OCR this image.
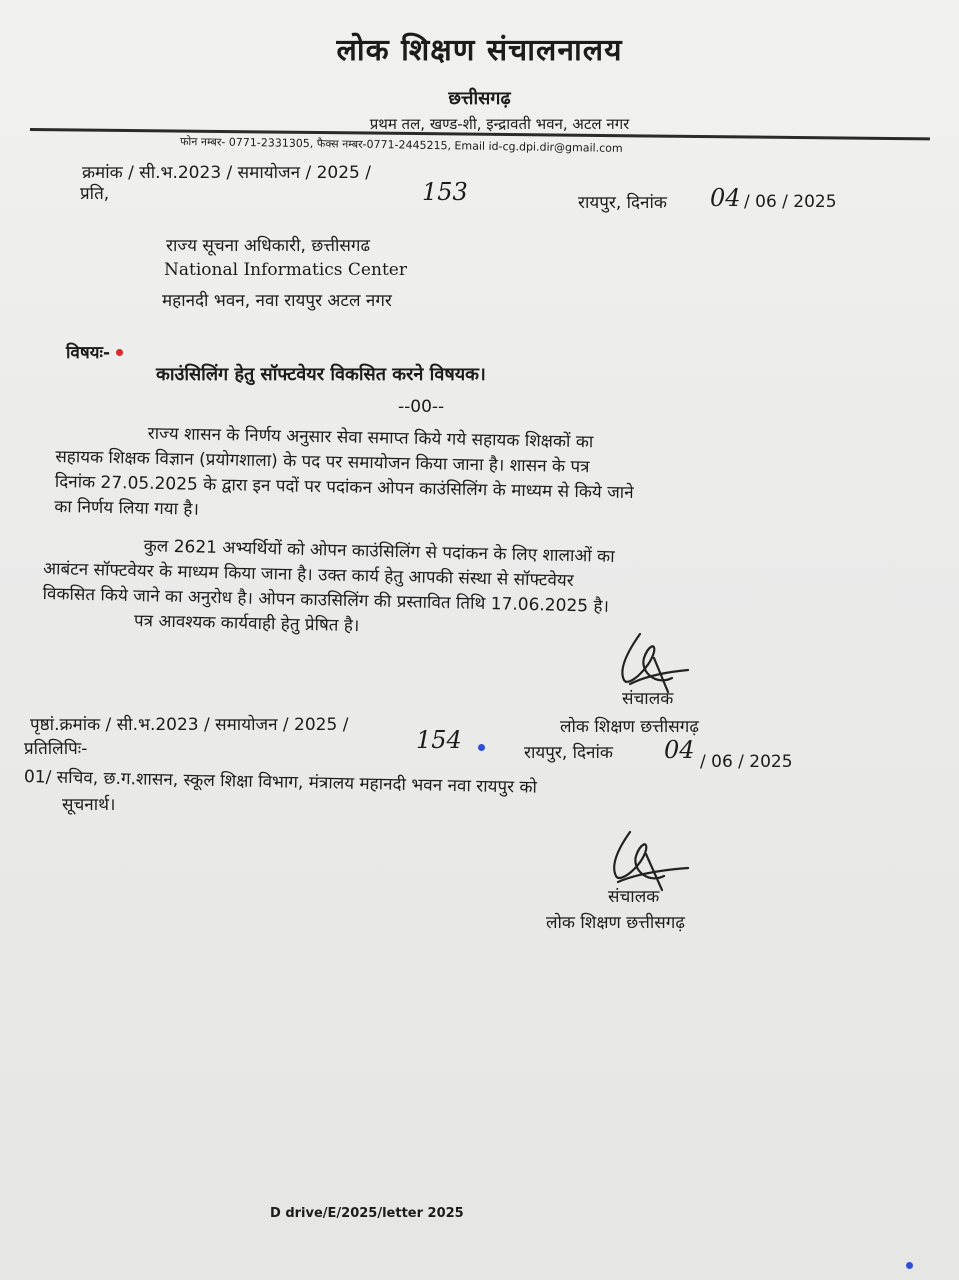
लोक शिक्षण संचालनालय
छत्तीसगढ़
प्रथम तल, खण्ड-शी, इन्द्रावती भवन, अटल नगर
फोन नम्बर- 0771-2331305, फैक्स नम्बर-0771-2445215, Email id-cg.dpi.dir@gmail.com
क्रमांक / सी.भ.2023 / समायोजन / 2025 /
153
प्रति,	रायपुर, दिनांक 04 / 06 / 2025
राज्य सूचना अधिकारी, छत्तीसगढ
National Informatics Center
महानदी भवन, नवा रायपुर अटल नगर
विषयः-
काउंसिलिंग हेतु सॉफ्टवेयर विकसित करने विषयक।
--00--
राज्य शासन के निर्णय अनुसार सेवा समाप्त किये गये सहायक शिक्षकों का
सहायक शिक्षक विज्ञान (प्रयोगशाला) के पद पर समायोजन किया जाना है। शासन के पत्र
दिनांक 27.05.2025 के द्वारा इन पदों पर पदांकन ओपन काउंसिलिंग के माध्यम से किये जाने
का निर्णय लिया गया है।
कुल 2621 अभ्यर्थियों को ओपन काउंसिलिंग से पदांकन के लिए शालाओं का
आबंटन सॉफ्टवेयर के माध्यम किया जाना है। उक्त कार्य हेतु आपकी संस्था से सॉफ्टवेयर
विकसित किये जाने का अनुरोध है। ओपन काउसिलिंग की प्रस्तावित तिथि 17.06.2025 है।
पत्र आवश्यक कार्यवाही हेतु प्रेषित है।
संचालक
लोक शिक्षण छत्तीसगढ़
पृष्ठां.क्रमांक / सी.भ.2023 / समायोजन / 2025 /
154
प्रतिलिपिः-	रायपुर, दिनांक 04 / 06 / 2025
01/ सचिव, छ.ग.शासन, स्कूल शिक्षा विभाग, मंत्रालय महानदी भवन नवा रायपुर को
सूचनार्थ।
संचालक
लोक शिक्षण छत्तीसगढ़
D drive/E/2025/letter 2025
